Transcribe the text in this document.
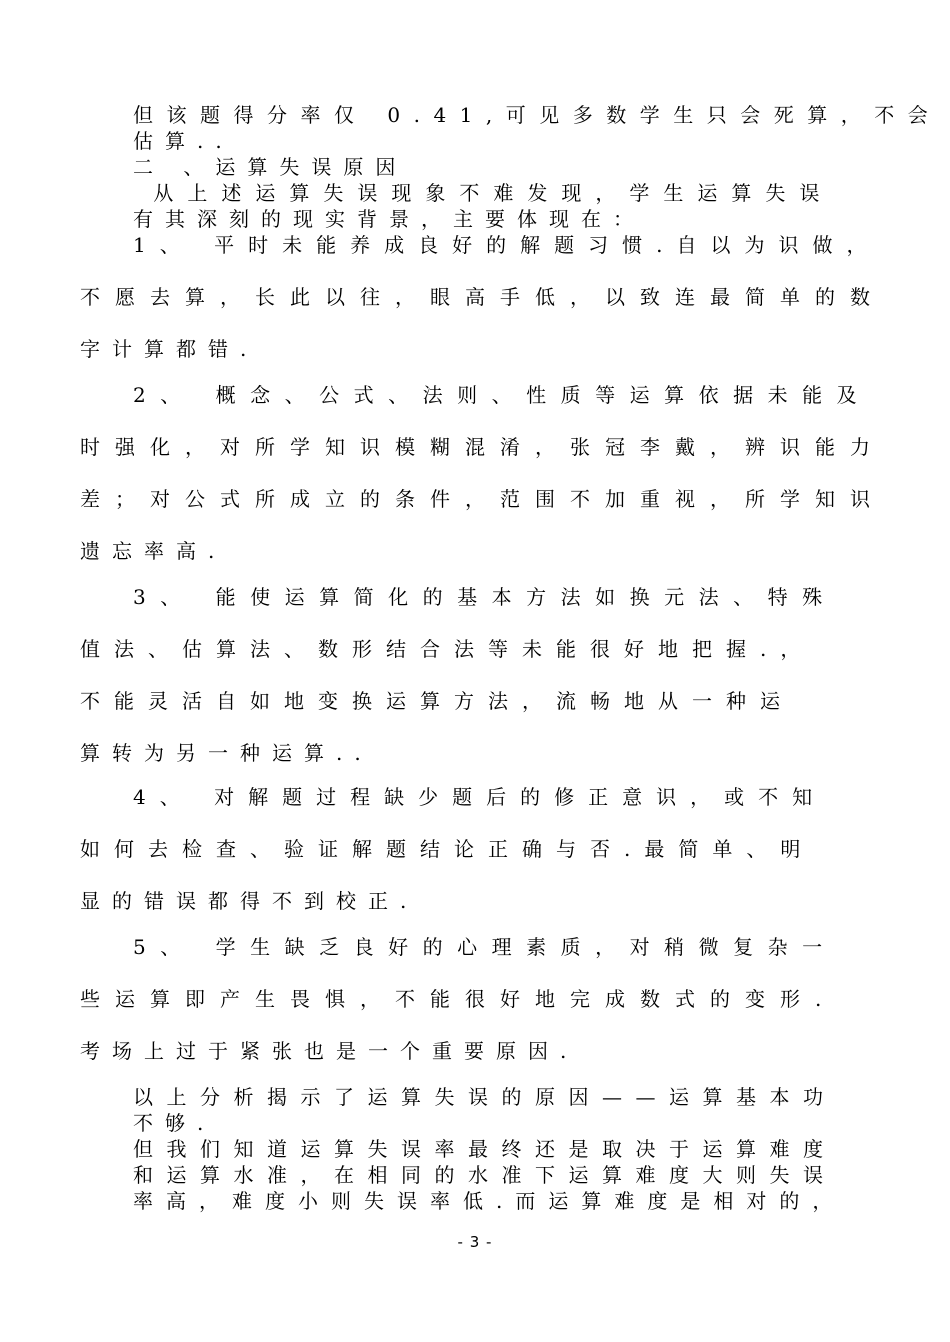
但该题得分率仅 0.41,可见多数学生只会死算，不会
估算..
二 、运算失误原因
从上述运算失误现象不难发现，学生运算失误
有其深刻的现实背景，主要体现在：
1、 平时未能养成良好的解题习惯.自以为识做，
不愿去算，长此以往，眼高手低，以致连最简单的数
字计算都错.
2、 概念、公式、法则、性质等运算依据未能及
时强化，对所学知识模糊混淆，张冠李戴，辨识能力
差；对公式所成立的条件，范围不加重视，所学知识
遗忘率高.
3、 能使运算简化的基本方法如换元法、特殊
值法、估算法、数形结合法等未能很好地把握.，
不能灵活自如地变换运算方法，流畅地从一种运
算转为另一种运算..
4、 对解题过程缺少题后的修正意识，或不知
如何去检查、验证解题结论正确与否.最简单、明
显的错误都得不到校正.
5、 学生缺乏良好的心理素质，对稍微复杂一
些运算即产生畏惧，不能很好地完成数式的变形.
考场上过于紧张也是一个重要原因.
以上分析揭示了运算失误的原因——运算基本功
不够.
但我们知道运算失误率最终还是取决于运算难度
和运算水准，在相同的水准下运算难度大则失误
率高，难度小则失误率低.而运算难度是相对的，
- 3 -
